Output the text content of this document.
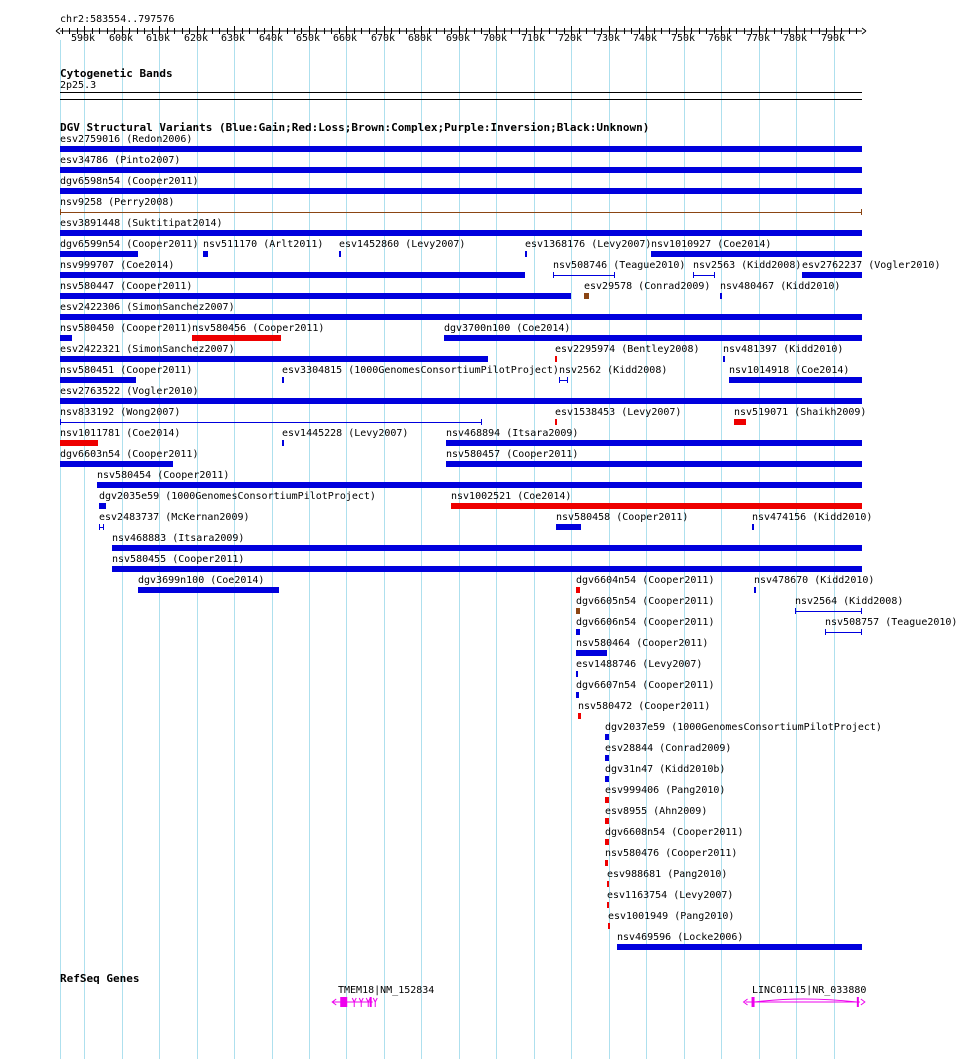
chr2:583554..797576
590k 600k 610k 620k 630k 640k 650k 660k 670k 680k 690k 700k 710k 720k 730k 740k 750k 760k 770k 780k 790k
Cytogenetic Bands
2p25.3
DGV Structural Variants (Blue:Gain;Red:Loss;Brown:Complex;Purple:Inversion;Black:Unknown)
esv2759016 (Redon2006)
esv34786 (Pinto2007)
dgv6598n54 (Cooper2011)
nsv9258 (Perry2008)
esv3891448 (Suktitipat2014)
dgv6599n54 (Cooper2011) nsv511170 (Arlt2011) esv1452860 (Levy2007)	esv1368176 (Levy2007) nsv1010927 (Coe2014)
nsv999707 (Coe2014)	nsv508746 (Teague2010) nsv2563 (Kidd2008) esv2762237 (Vogler2010)
nsv580447 (Cooper2011)	esv29578 (Conrad2009) nsv480467 (Kidd2010)
esv2422306 (SimonSanchez2007)
nsv580450 (Cooper2011) nsv580456 (Cooper2011)	dgv3700n100 (Coe2014)
esv2422321 (SimonSanchez2007)	esv2295974 (Bentley2008) nsv481397 (Kidd2010)
nsv580451 (Cooper2011)	esv3304815 (1000GenomesConsortiumPilotProject) nsv2562 (Kidd2008)	nsv1014918 (Coe2014)
esv2763522 (Vogler2010)
nsv833192 (Wong2007)	esv1538453 (Levy2007)	nsv519071 (Shaikh2009)
nsv1011781 (Coe2014)	esv1445228 (Levy2007)	nsv468894 (Itsara2009)
dgv6603n54 (Cooper2011)	nsv580457 (Cooper2011)
nsv580454 (Cooper2011)
dgv2035e59 (1000GenomesConsortiumPilotProject)	nsv1002521 (Coe2014)
esv2483737 (McKernan2009)	nsv580458 (Cooper2011)	nsv474156 (Kidd2010)
nsv468883 (Itsara2009)
nsv580455 (Cooper2011)
dgv3699n100 (Coe2014)	dgv6604n54 (Cooper2011)	nsv478670 (Kidd2010)
dgv6605n54 (Cooper2011)	nsv2564 (Kidd2008)
dgv6606n54 (Cooper2011)	nsv508757 (Teague2010)
nsv580464 (Cooper2011)
esv1488746 (Levy2007)
dgv6607n54 (Cooper2011)
nsv580472 (Cooper2011)
dgv2037e59 (1000GenomesConsortiumPilotProject)
esv28844 (Conrad2009)
dgv31n47 (Kidd2010b)
esv999406 (Pang2010)
esv8955 (Ahn2009)
dgv6608n54 (Cooper2011)
nsv580476 (Cooper2011)
esv988681 (Pang2010)
esv1163754 (Levy2007)
esv1001949 (Pang2010)
nsv469596 (Locke2006)
RefSeq Genes
TMEM18|NM_152834	LINC01115|NR_033880
